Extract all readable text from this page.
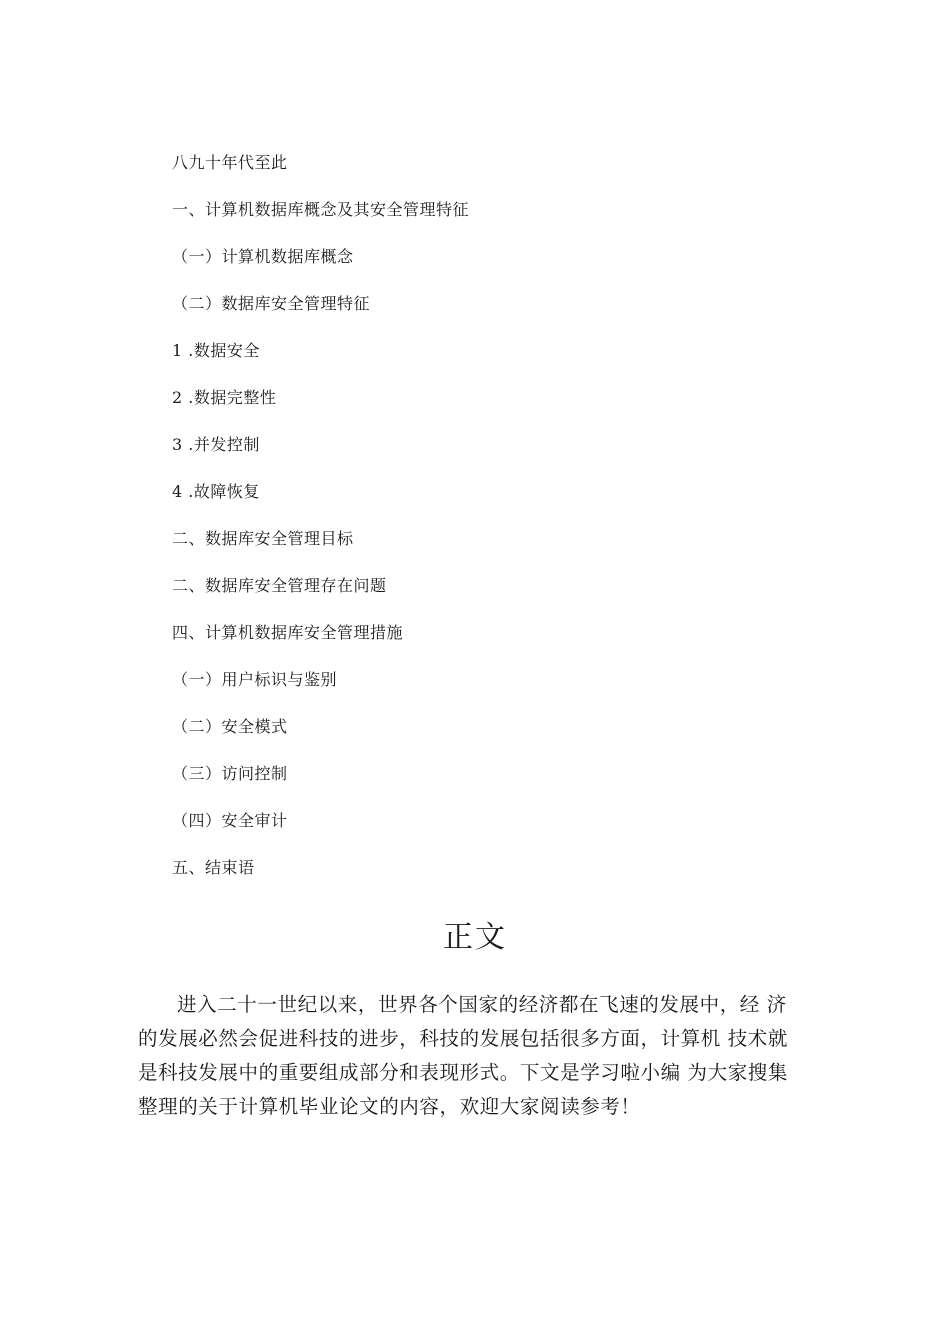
八九十年代至此
一、计算机数据库概念及其安全管理特征
（一）计算机数据库概念
（二）数据库安全管理特征
1 .数据安全
2 .数据完整性
3 .并发控制
4 .故障恢复
二、数据库安全管理目标
二、数据库安全管理存在问题
四、计算机数据库安全管理措施
（一）用户标识与鉴别
（二）安全模式
（三）访问控制
（四）安全审计
五、结束语
正文
进入二十一世纪以来，世界各个国家的经济都在飞速的发展中，经 济
的发展必然会促进科技的进步，科技的发展包括很多方面，计算机 技术就
是科技发展中的重要组成部分和表现形式。下文是学习啦小编 为大家搜集
整理的关于计算机毕业论文的内容，欢迎大家阅读参考！
